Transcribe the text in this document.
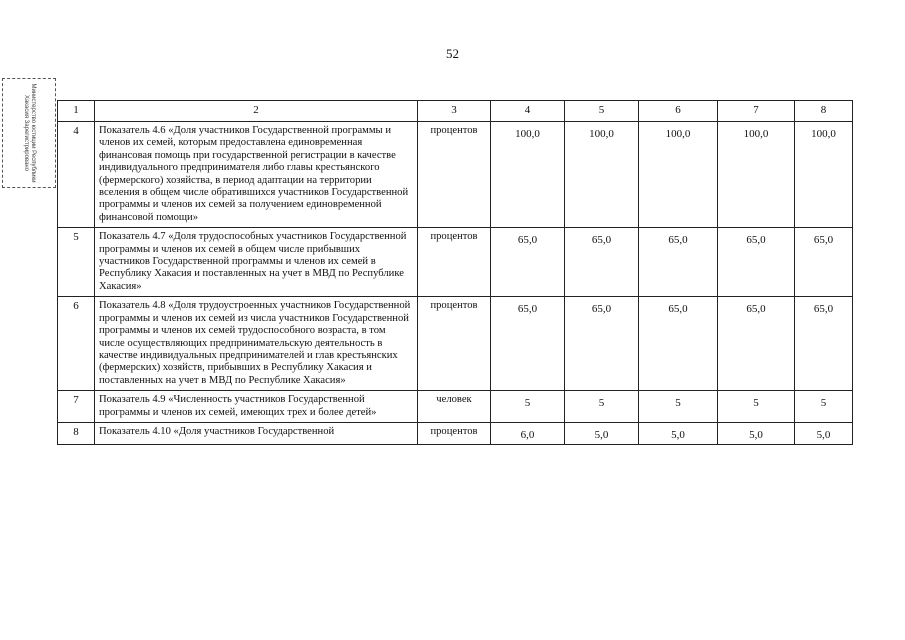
52
Министерство юстиции Республики Хакасия Зарегистрировано	1	2	3	4	5	6	7	8
4	Показатель 4.6 «Доля участников Государственной программы и членов их семей, которым предоставлена единовременная финансовая помощь при государственной регистрации в качестве индивидуального предпринимателя либо главы крестьянского (фермерского) хозяйства, в период адаптации на территории вселения в общем числе обратившихся участников Государственной программы и членов их семей за получением единовременной финансовой помощи»	процентов	100,0	100,0	100,0	100,0	100,0
5	Показатель 4.7 «Доля трудоспособных участников Государственной программы и членов их семей в общем числе прибывших участников Государственной программы и членов их семей в Республику Хакасия и поставленных на учет в МВД по Республике Хакасия»	процентов	65,0	65,0	65,0	65,0	65,0
6	Показатель 4.8 «Доля трудоустроенных участников Государственной программы и членов их семей из числа участников Государственной программы и членов их семей трудоспособного возраста, в том числе осуществляющих предпринимательскую деятельность в качестве индивидуальных предпринимателей и глав крестьянских (фермерских) хозяйств, прибывших в Республику Хакасия и поставленных на учет в МВД по Республике Хакасия»	процентов	65,0	65,0	65,0	65,0	65,0
7	Показатель 4.9 «Численность участников Государственной программы и членов их семей, имеющих трех и более детей»	человек	5	5	5	5	5
8	Показатель 4.10 «Доля участников Государственной	процентов	6,0	5,0	5,0	5,0	5,0
